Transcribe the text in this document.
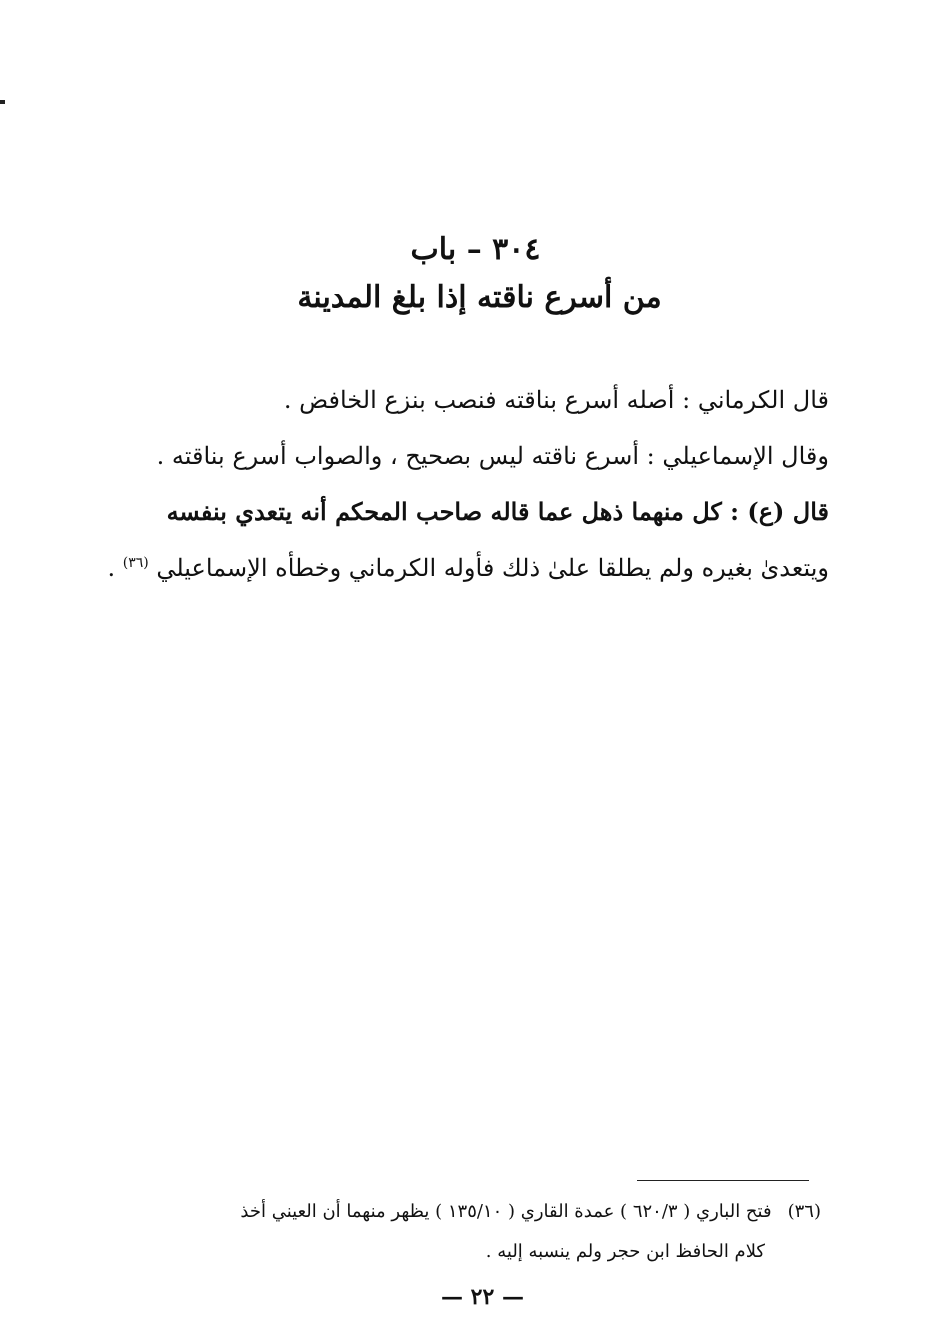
٣٠٤ – باب
من أسرع ناقته إذا بلغ المدينة

قال الكرماني : أصله أسرع بناقته فنصب بنزع الخافض .

وقال الإسماعيلي : أسرع ناقته ليس بصحيح ، والصواب أسرع بناقته .

قال (ع) : كل منهما ذهل عما قاله صاحب المحكم أنه يتعدي بنفسه

ويتعدىٰ بغيره ولم يطلقا علىٰ ذلك فأوله الكرماني وخطأه الإسماعيلي $^{(٣٦)}$ .

(٣٦)فتح الباري ( ٦٢٠/٣ ) عمدة القاري ( ١٣٥/١٠ ) يظهر منهما أن العيني أخذ

كلام الحافظ ابن حجر ولم ينسبه إليه .

— ٢٢ —
